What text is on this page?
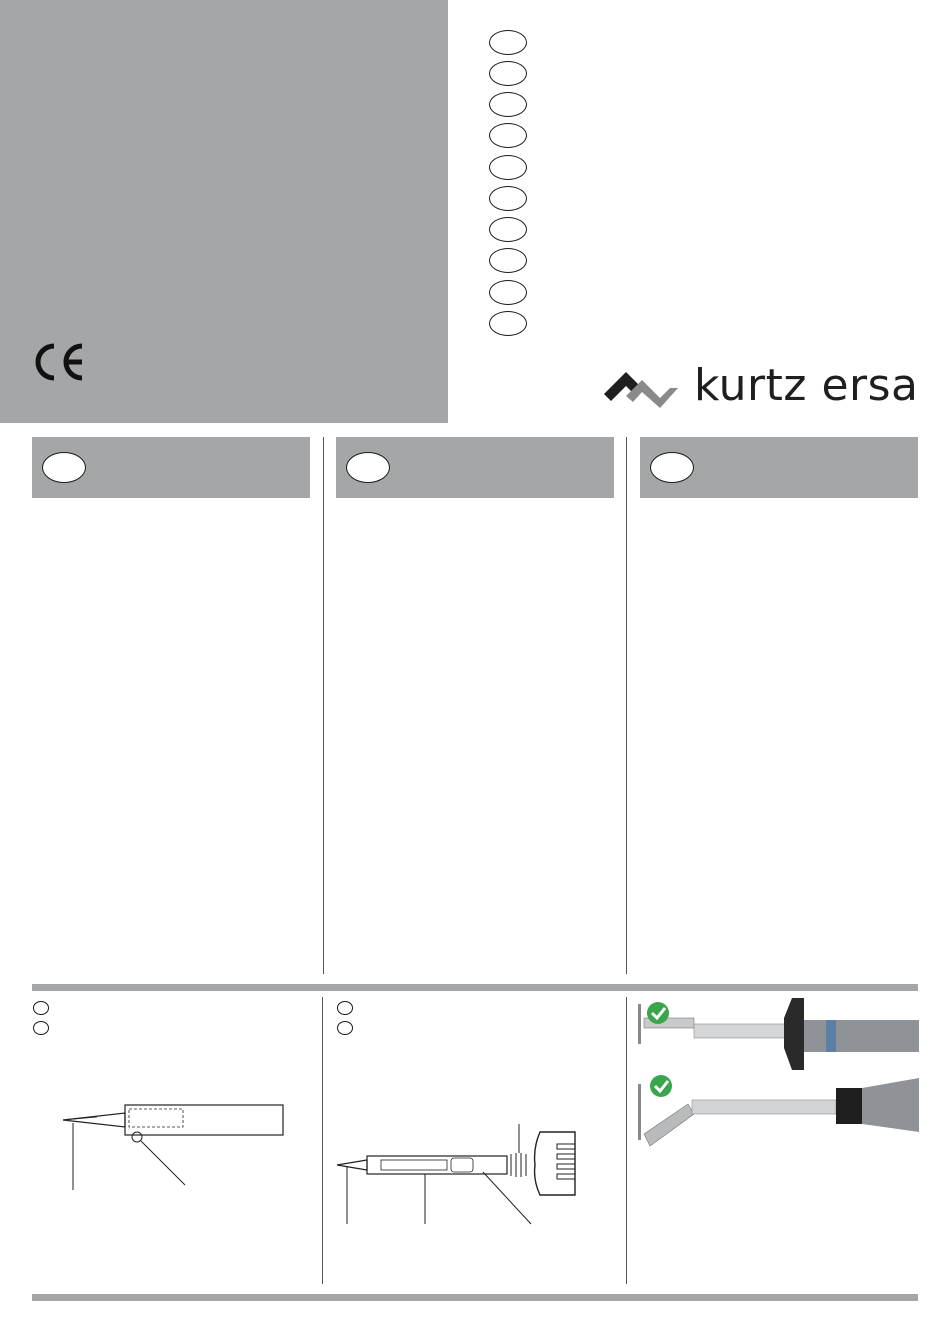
kurtz ersa
